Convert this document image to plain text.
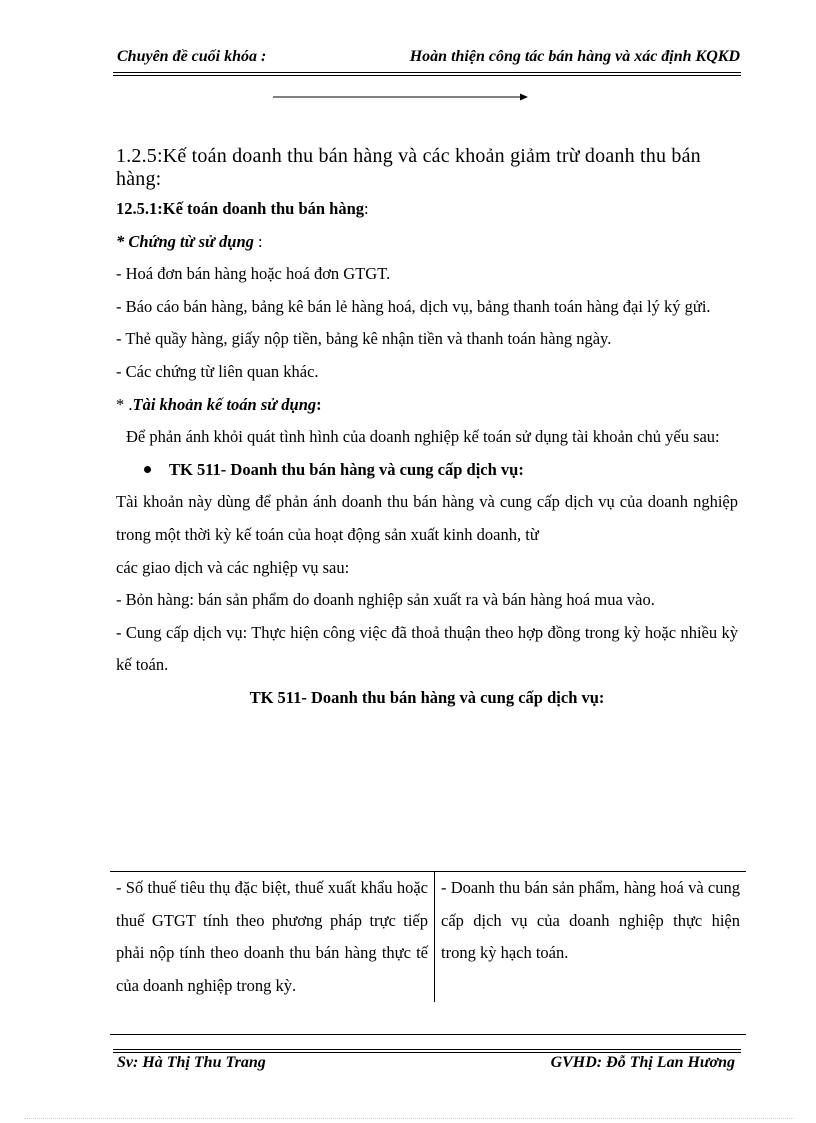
Chuyên đề cuối khóa :	Hoàn thiện công tác bán hàng và xác định KQKD
1.2.5:Kế toán doanh thu bán hàng và các khoản giảm trừ doanh thu bán hàng:

12.5.1:Kế toán doanh thu bán hàng:

* Chứng từ sử dụng :

- Hoá đơn bán hàng hoặc hoá đơn GTGT.

- Báo cáo bán hàng, bảng kê bán lẻ hàng hoá, dịch vụ, bảng thanh toán hàng đại lý ký gửi.

- Thẻ quầy hàng, giấy nộp tiền, bảng kê nhận tiền và thanh toán hàng ngày.

- Các chứng từ liên quan khác.

* .Tài khoản kế toán sử dụng:

Để phản ánh khỏi quát tình hình của doanh nghiệp kế toán sử dụng tài khoản chủ yếu sau:

TK 511- Doanh thu bán hàng và cung cấp dịch vụ:

Tài khoản này dùng để phản ánh doanh thu bán hàng và cung cấp dịch vụ của doanh nghiệp trong một thời kỳ kế toán của hoạt động sản xuất kinh doanh, từ

các giao dịch và các nghiệp vụ sau:

- Bỏn hàng: bán sản phẩm do doanh nghiệp sản xuất ra và bán hàng hoá mua vào.

- Cung cấp dịch vụ: Thực hiện công việc đã thoả thuận theo hợp đồng trong kỳ hoặc nhiều kỳ kế toán.

TK 511- Doanh thu bán hàng và cung cấp dịch vụ:
- Số thuế tiêu thụ đặc biệt, thuế xuất khẩu hoặc thuế GTGT tính theo phương pháp trực tiếp phải nộp tính theo doanh thu bán hàng thực tế của doanh nghiệp trong kỳ.	- Doanh thu bán sản phẩm, hàng hoá và cung cấp dịch vụ của doanh nghiệp thực hiện trong kỳ hạch toán.
Sv: Hà Thị Thu Trang	GVHD: Đỗ Thị Lan Hương
